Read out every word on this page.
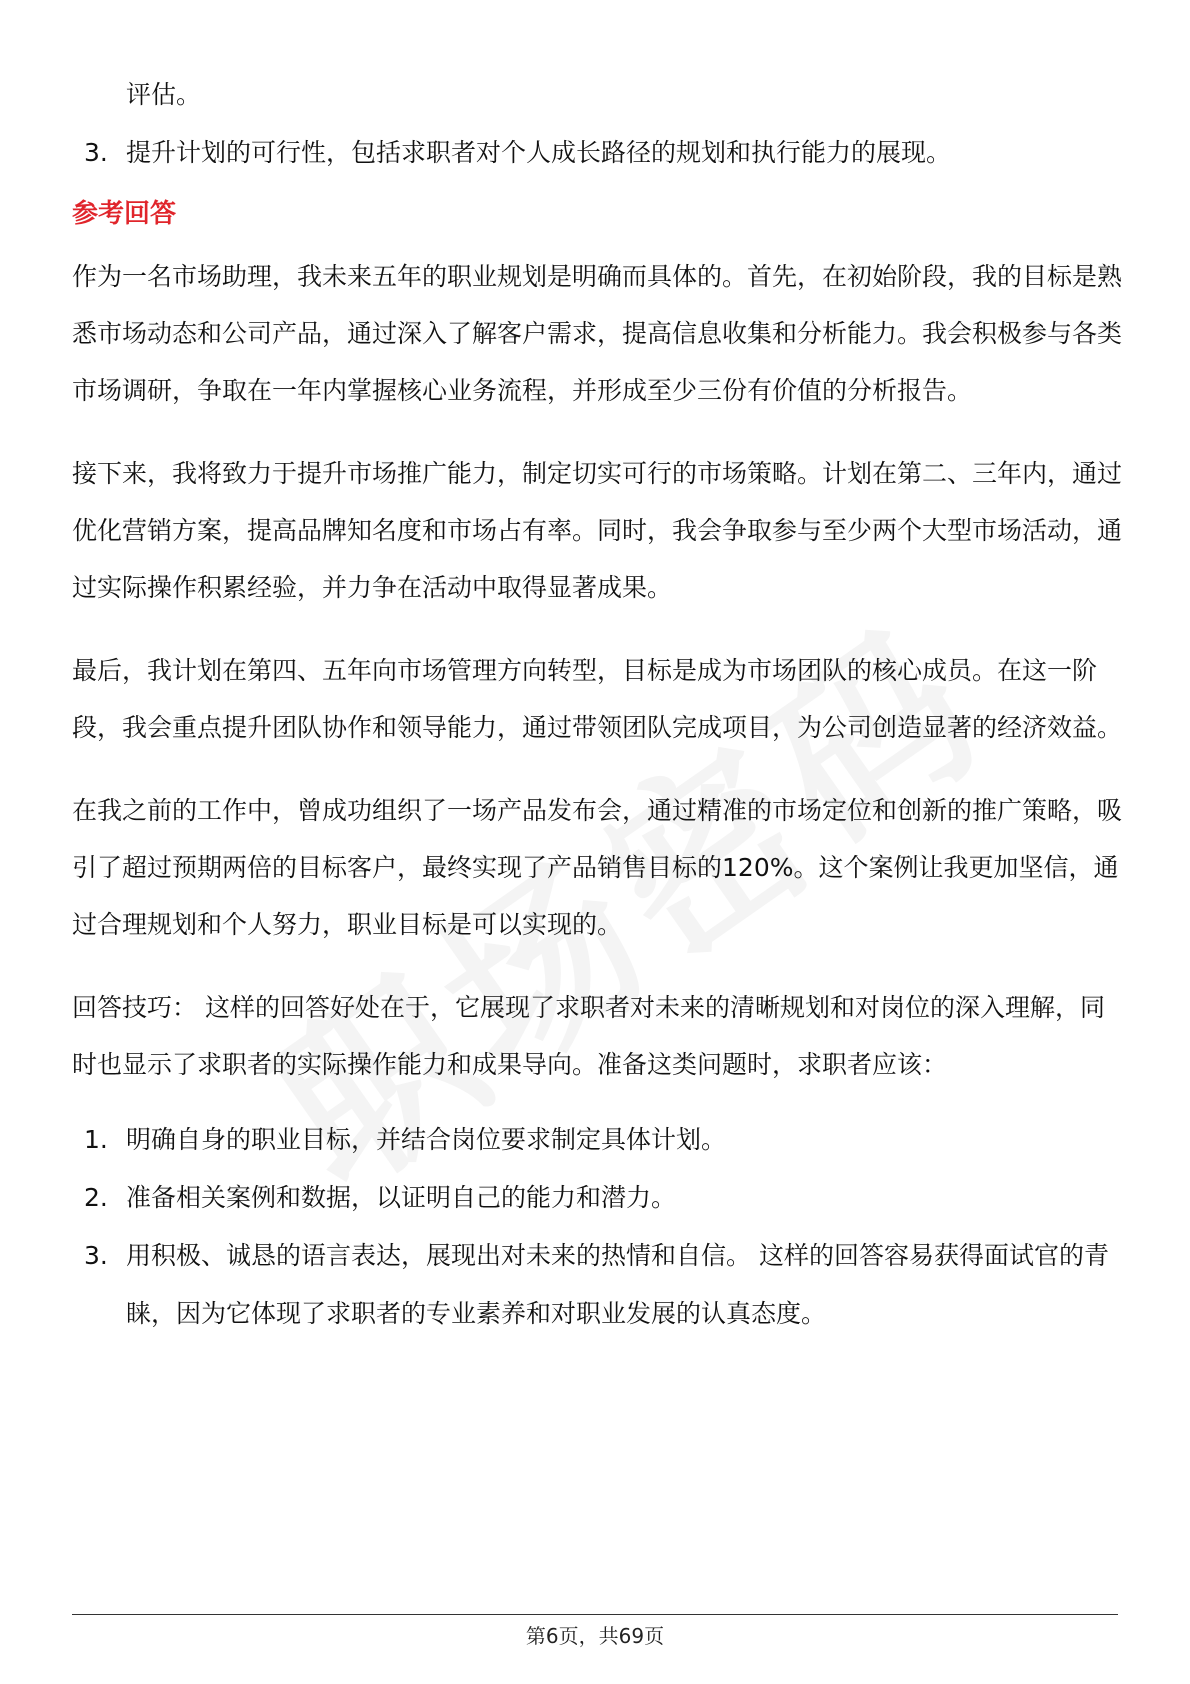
评估。
3. 提升计划的可行性，包括求职者对个人成长路径的规划和执行能力的展现。
参考回答

作为一名市场助理，我未来五年的职业规划是明确而具体的。首先，在初始阶段，我的目标是熟悉市场动态和公司产品，通过深入了解客户需求，提高信息收集和分析能力。我会积极参与各类市场调研，争取在一年内掌握核心业务流程，并形成至少三份有价值的分析报告。

接下来，我将致力于提升市场推广能力，制定切实可行的市场策略。计划在第二、三年内，通过优化营销方案，提高品牌知名度和市场占有率。同时，我会争取参与至少两个大型市场活动，通过实际操作积累经验，并力争在活动中取得显著成果。

最后，我计划在第四、五年向市场管理方向转型，目标是成为市场团队的核心成员。在这一阶段，我会重点提升团队协作和领导能力，通过带领团队完成项目，为公司创造显著的经济效益。

在我之前的工作中，曾成功组织了一场产品发布会，通过精准的市场定位和创新的推广策略，吸引了超过预期两倍的目标客户，最终实现了产品销售目标的120%。这个案例让我更加坚信，通过合理规划和个人努力，职业目标是可以实现的。

回答技巧： 这样的回答好处在于，它展现了求职者对未来的清晰规划和对岗位的深入理解，同时也显示了求职者的实际操作能力和成果导向。准备这类问题时，求职者应该：

1. 明确自身的职业目标，并结合岗位要求制定具体计划。
2. 准备相关案例和数据，以证明自己的能力和潜力。
3. 用积极、诚恳的语言表达，展现出对未来的热情和自信。 这样的回答容易获得面试官的青睐，因为它体现了求职者的专业素养和对职业发展的认真态度。
第6页，共69页
